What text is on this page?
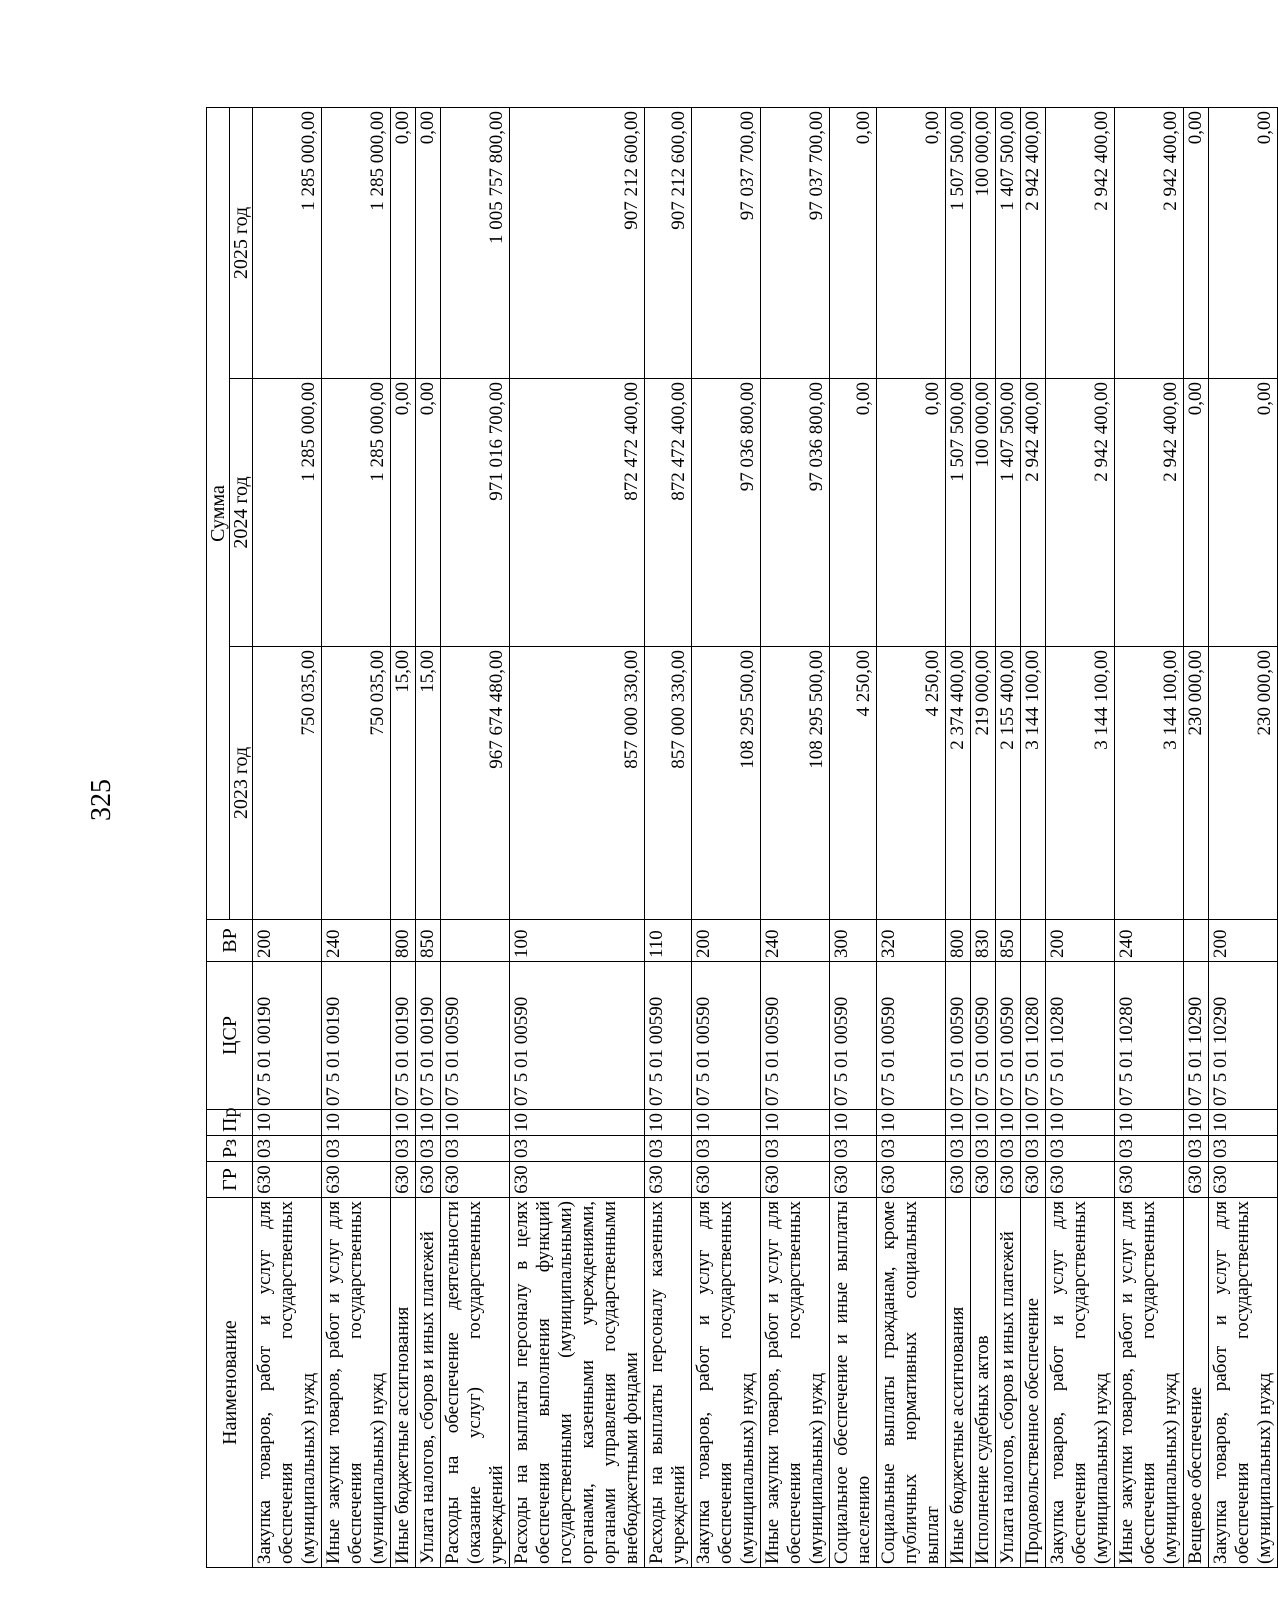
325
Наименование	ГР	Рз	Пр	ЦСР	ВР	Сумма		
						2023 год	2024 год	2025 год
Закупка товаров, работ и услуг для обеспечения государственных (муниципальных) нужд	630	03	10	07 5 01 00190	200	750 035,00	1 285 000,00	1 285 000,00
Иные закупки товаров, работ и услуг для обеспечения государственных (муниципальных) нужд	630	03	10	07 5 01 00190	240	750 035,00	1 285 000,00	1 285 000,00
Иные бюджетные ассигнования	630	03	10	07 5 01 00190	800	15,00	0,00	0,00
Уплата налогов, сборов и иных платежей	630	03	10	07 5 01 00190	850	15,00	0,00	0,00
Расходы на обеспечение деятельности (оказание услуг) государственных учреждений	630	03	10	07 5 01 00590		967 674 480,00	971 016 700,00	1 005 757 800,00
Расходы на выплаты персоналу в целях обеспечения выполнения функций государственными (муниципальными) органами, казенными учреждениями, органами управления государственными внебюджетными фондами	630	03	10	07 5 01 00590	100	857 000 330,00	872 472 400,00	907 212 600,00
Расходы на выплаты персоналу казенных учреждений	630	03	10	07 5 01 00590	110	857 000 330,00	872 472 400,00	907 212 600,00
Закупка товаров, работ и услуг для обеспечения государственных (муниципальных) нужд	630	03	10	07 5 01 00590	200	108 295 500,00	97 036 800,00	97 037 700,00
Иные закупки товаров, работ и услуг для обеспечения государственных (муниципальных) нужд	630	03	10	07 5 01 00590	240	108 295 500,00	97 036 800,00	97 037 700,00
Социальное обеспечение и иные выплаты населению	630	03	10	07 5 01 00590	300	4 250,00	0,00	0,00
Социальные выплаты гражданам, кроме публичных нормативных социальных выплат	630	03	10	07 5 01 00590	320	4 250,00	0,00	0,00
Иные бюджетные ассигнования	630	03	10	07 5 01 00590	800	2 374 400,00	1 507 500,00	1 507 500,00
Исполнение судебных актов	630	03	10	07 5 01 00590	830	219 000,00	100 000,00	100 000,00
Уплата налогов, сборов и иных платежей	630	03	10	07 5 01 00590	850	2 155 400,00	1 407 500,00	1 407 500,00
Продовольственное обеспечение	630	03	10	07 5 01 10280		3 144 100,00	2 942 400,00	2 942 400,00
Закупка товаров, работ и услуг для обеспечения государственных (муниципальных) нужд	630	03	10	07 5 01 10280	200	3 144 100,00	2 942 400,00	2 942 400,00
Иные закупки товаров, работ и услуг для обеспечения государственных (муниципальных) нужд	630	03	10	07 5 01 10280	240	3 144 100,00	2 942 400,00	2 942 400,00
Вещевое обеспечение	630	03	10	07 5 01 10290		230 000,00	0,00	0,00
Закупка товаров, работ и услуг для обеспечения государственных (муниципальных) нужд	630	03	10	07 5 01 10290	200	230 000,00	0,00	0,00
